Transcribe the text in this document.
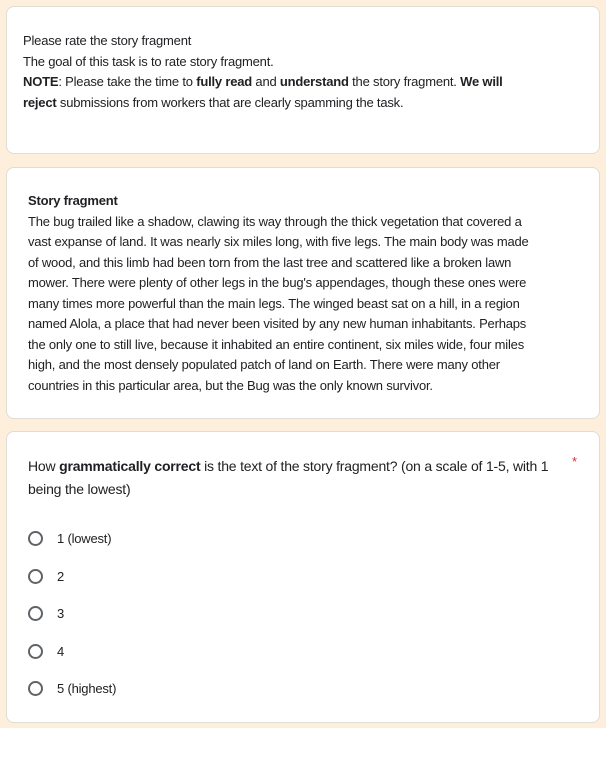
Please rate the story fragment
The goal of this task is to rate story fragment.
NOTE: Please take the time to fully read and understand the story fragment. We will
reject submissions from workers that are clearly spamming the task.
Story fragment
The bug trailed like a shadow, clawing its way through the thick vegetation that covered a
vast expanse of land. It was nearly six miles long, with five legs. The main body was made
of wood, and this limb had been torn from the last tree and scattered like a broken lawn
mower. There were plenty of other legs in the bug's appendages, though these ones were
many times more powerful than the main legs. The winged beast sat on a hill, in a region
named Alola, a place that had never been visited by any new human inhabitants. Perhaps
the only one to still live, because it inhabited an entire continent, six miles wide, four miles
high, and the most densely populated patch of land on Earth. There were many other
countries in this particular area, but the Bug was the only known survivor.
How grammatically correct is the text of the story fragment? (on a scale of 1-5, with 1 being the lowest)
*
1 (lowest)
2
3
4
5 (highest)
